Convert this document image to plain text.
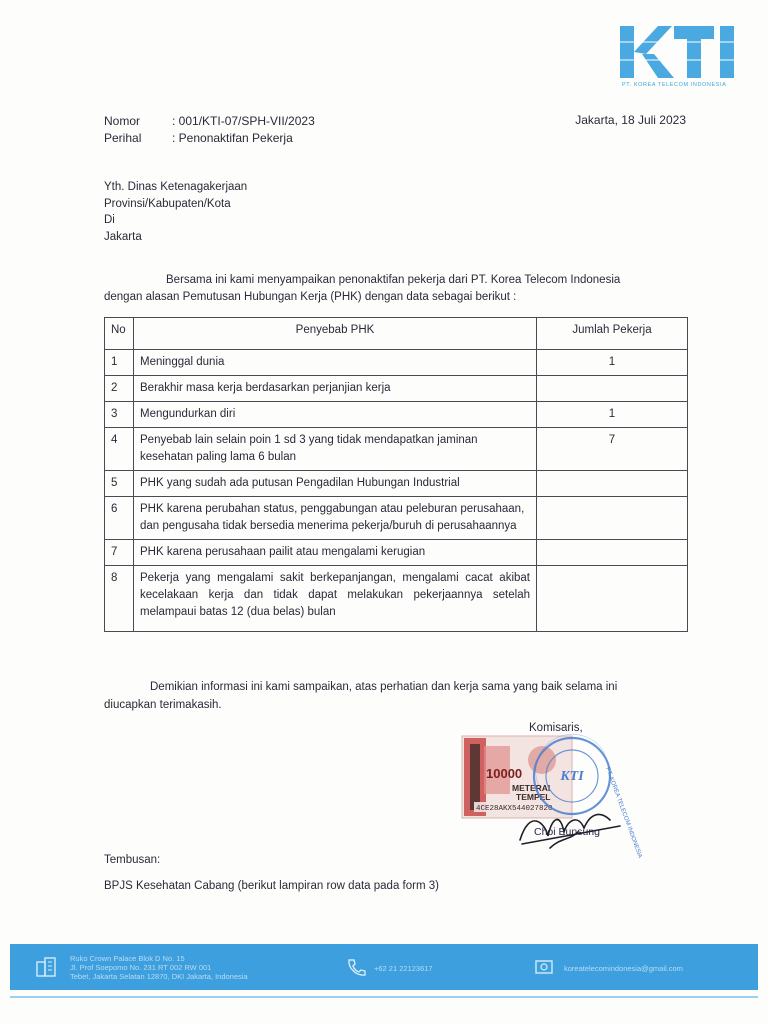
PT. KOREA TELECOM INDONESIA
Nomor	: 001/KTI-07/SPH-VII/2023
Perihal	: Penonaktifan Pekerja
Jakarta, 18 Juli 2023
Yth. Dinas Ketenagakerjaan
Provinsi/Kabupaten/Kota
Di
Jakarta
Bersama ini kami menyampaikan penonaktifan pekerja dari PT. Korea Telecom Indonesia
dengan alasan Pemutusan Hubungan Kerja (PHK) dengan data sebagai berikut :
No	Penyebab PHK	Jumlah Pekerja
1	Meninggal dunia	1
2	Berakhir masa kerja berdasarkan perjanjian kerja	
3	Mengundurkan diri	1
4	Penyebab lain selain poin 1 sd 3 yang tidak mendapatkan jaminan kesehatan paling lama 6 bulan	7
5	PHK yang sudah ada putusan Pengadilan Hubungan Industrial	
6	PHK karena perubahan status, penggabungan atau peleburan perusahaan, dan pengusaha tidak bersedia menerima pekerja/buruh di perusahaannya	
7	PHK karena perusahaan pailit atau mengalami kerugian	
8	Pekerja yang mengalami sakit berkepanjangan, mengalami cacat akibat kecelakaan kerja dan tidak dapat melakukan pekerjaannya setelah melampaui batas 12 (dua belas) bulan	
Demikian informasi ini kami sampaikan, atas perhatian dan kerja sama yang baik selama ini
diucapkan terimakasih.
Komisaris,
10000
METERAI
TEMPEL
4CE28AKX544027820
KTI	PT. KOREA TELECOM INDONESIA
Choi Eunsung
Tembusan:
BPJS Kesehatan Cabang (berikut lampiran row data pada form 3)
Ruko Crown Palace Blok D No. 15
Jl. Prof Soepomo No. 231 RT 002 RW 001
Tebet, Jakarta Selatan 12870, DKI Jakarta, Indonesia
+62 21 22123617	koreatelecomindonesia@gmail.com
